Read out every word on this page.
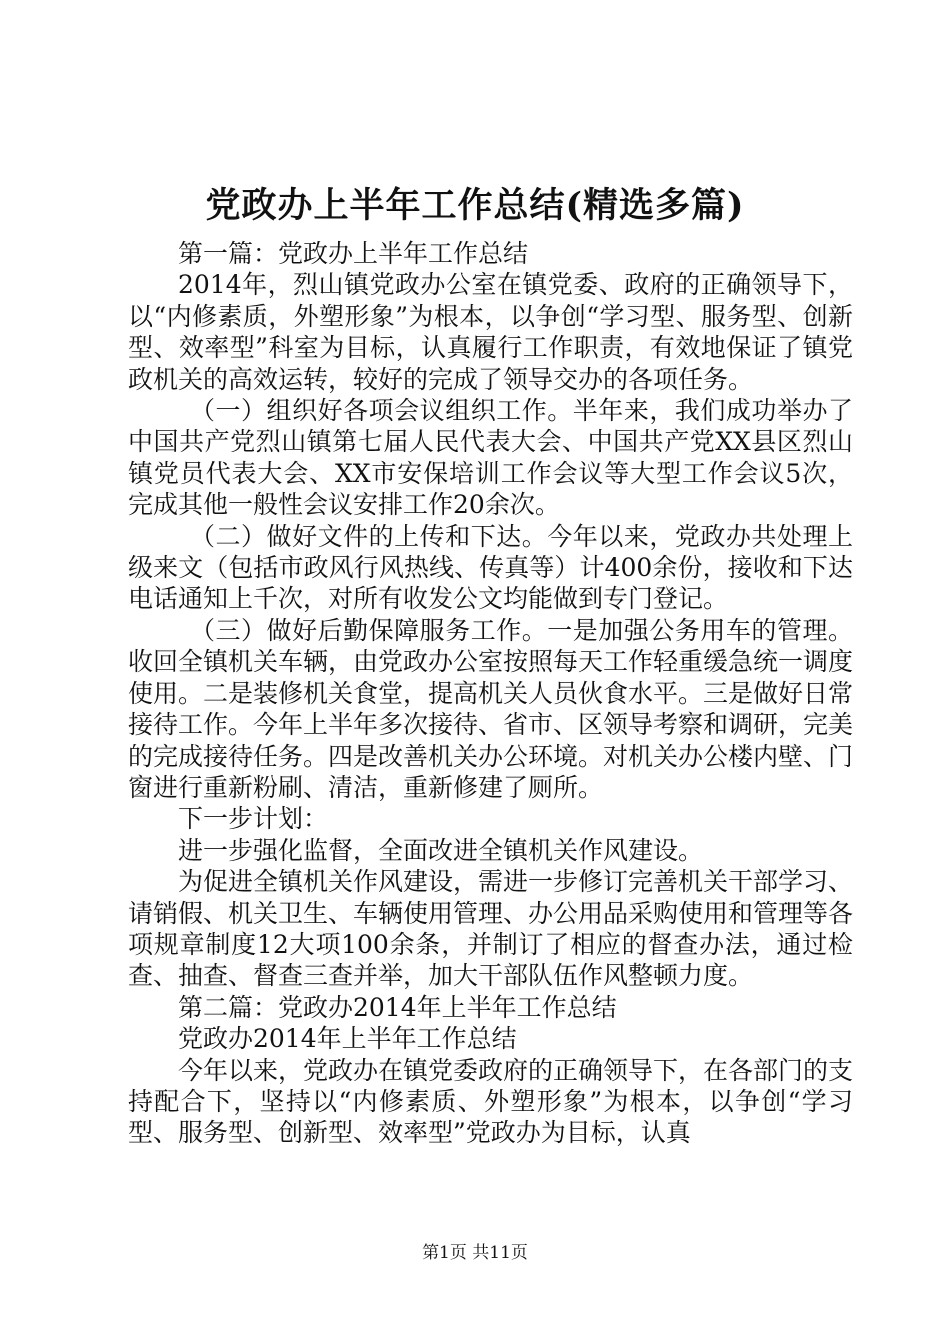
党政办上半年工作总结(精选多篇)

第一篇：党政办上半年工作总结

2014年，烈山镇党政办公室在镇党委、政府的正确领导下，以“内修素质，外塑形象”为根本，以争创“学习型、服务型、创新型、效率型”科室为目标，认真履行工作职责，有效地保证了镇党政机关的高效运转，较好的完成了领导交办的各项任务。

（一）组织好各项会议组织工作。半年来，我们成功举办了中国共产党烈山镇第七届人民代表大会、中国共产党XX县区烈山镇党员代表大会、XX市安保培训工作会议等大型工作会议5次，完成其他一般性会议安排工作20余次。

（二）做好文件的上传和下达。今年以来，党政办共处理上级来文（包括市政风行风热线、传真等）计400余份，接收和下达电话通知上千次，对所有收发公文均能做到专门登记。

（三）做好后勤保障服务工作。一是加强公务用车的管理。收回全镇机关车辆，由党政办公室按照每天工作轻重缓急统一调度使用。二是装修机关食堂，提高机关人员伙食水平。三是做好日常接待工作。今年上半年多次接待、省市、区领导考察和调研，完美的完成接待任务。四是改善机关办公环境。对机关办公楼内壁、门窗进行重新粉刷、清洁，重新修建了厕所。

下一步计划：

进一步强化监督，全面改进全镇机关作风建设。

为促进全镇机关作风建设，需进一步修订完善机关干部学习、请销假、机关卫生、车辆使用管理、办公用品采购使用和管理等各项规章制度12大项100余条，并制订了相应的督查办法，通过检查、抽查、督查三查并举，加大干部队伍作风整顿力度。

第二篇：党政办2014年上半年工作总结

党政办2014年上半年工作总结

今年以来，党政办在镇党委政府的正确领导下，在各部门的支持配合下，坚持以“内修素质、外塑形象”为根本，以争创“学习型、服务型、创新型、效率型”党政办为目标，认真

第1页 共11页
